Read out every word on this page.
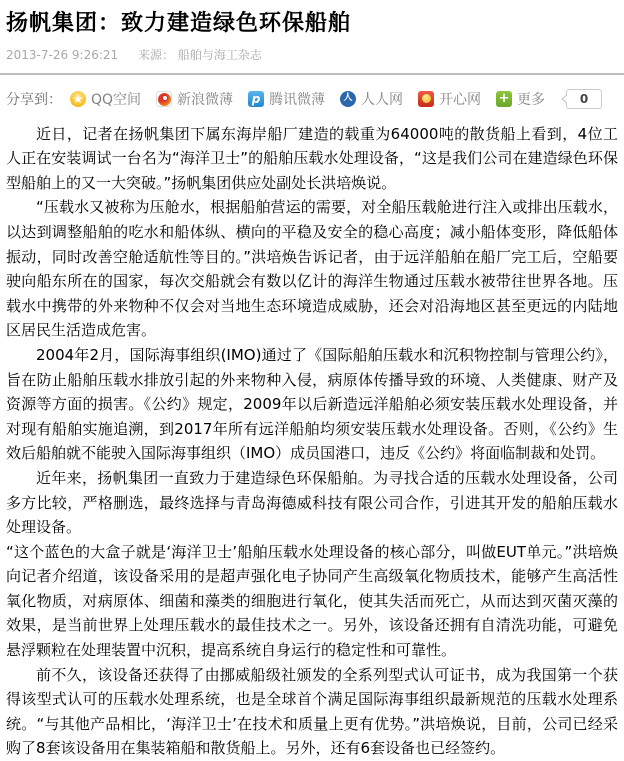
扬帆集团：致力建造绿色环保船舶
2013-7-26 9:26:21 来源： 船舶与海工杂志
分享到： ★ QQ空间	新浪微薄	p 腾讯微薄	人 人人网	开心网 + 更多	0

近日，记者在扬帆集团下属东海岸船厂建造的载重为64000吨的散货船上看到，4位工人正在安装调试一台名为“海洋卫士”的船舶压载水处理设备，“这是我们公司在建造绿色环保型船舶上的又一大突破。”扬帆集团供应处副处长洪培焕说。

“压载水又被称为压舱水，根据船舶营运的需要，对全船压载舱进行注入或排出压载水，以达到调整船舶的吃水和船体纵、横向的平稳及安全的稳心高度；减小船体变形，降低船体振动，同时改善空舱适航性等目的。”洪培焕告诉记者，由于远洋船舶在船厂完工后，空船要驶向船东所在的国家，每次交船就会有数以亿计的海洋生物通过压载水被带往世界各地。压载水中携带的外来物种不仅会对当地生态环境造成威胁，还会对沿海地区甚至更远的内陆地区居民生活造成危害。

2004年2月，国际海事组织(IMO)通过了《国际船舶压载水和沉积物控制与管理公约》，旨在防止船舶压载水排放引起的外来物种入侵，病原体传播导致的环境、人类健康、财产及资源等方面的损害。《公约》规定，2009年以后新造远洋船舶必须安装压载水处理设备，并对现有船舶实施追溯，到2017年所有远洋船舶均须安装压载水处理设备。否则，《公约》生效后船舶就不能驶入国际海事组织（IMO）成员国港口，违反《公约》将面临制裁和处罚。

近年来，扬帆集团一直致力于建造绿色环保船舶。为寻找合适的压载水处理设备，公司多方比较，严格删选，最终选择与青岛海德威科技有限公司合作，引进其开发的船舶压载水处理设备。

“这个蓝色的大盒子就是‘海洋卫士’船舶压载水处理设备的核心部分，叫做EUT单元。”洪培焕向记者介绍道，该设备采用的是超声强化电子协同产生高级氧化物质技术，能够产生高活性氧化物质，对病原体、细菌和藻类的细胞进行氧化，使其失活而死亡，从而达到灭菌灭藻的效果，是当前世界上处理压载水的最佳技术之一。另外，该设备还拥有自清洗功能，可避免悬浮颗粒在处理装置中沉积，提高系统自身运行的稳定性和可靠性。

前不久，该设备还获得了由挪威船级社颁发的全系列型式认可证书，成为我国第一个获得该型式认可的压载水处理系统，也是全球首个满足国际海事组织最新规范的压载水处理系统。“与其他产品相比，‘海洋卫士’在技术和质量上更有优势。”洪培焕说，目前，公司已经采购了8套该设备用在集装箱船和散货船上。另外，还有6套设备也已经签约。
